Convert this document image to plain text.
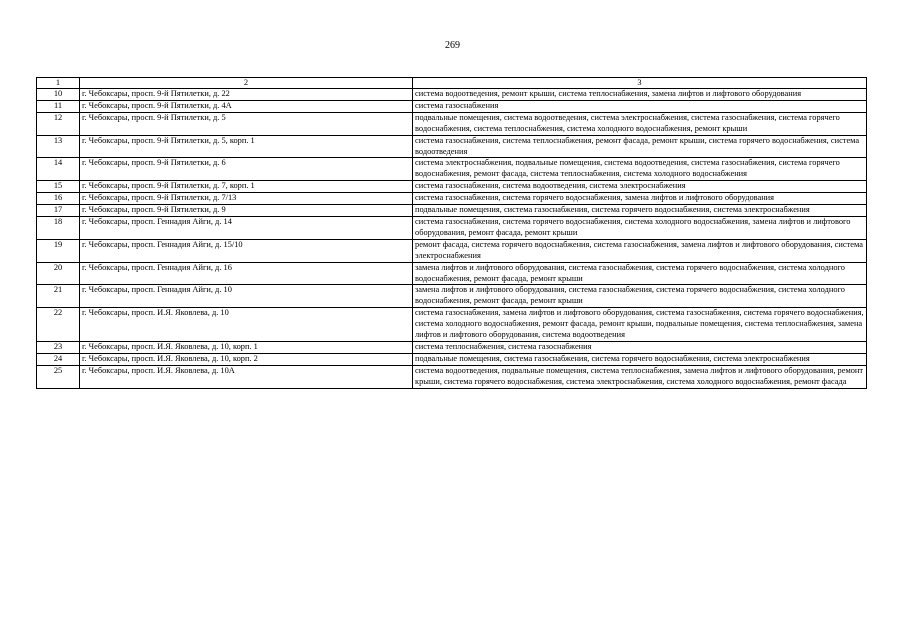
269
1	2	3
10	г. Чебоксары, просп. 9-й Пятилетки, д. 22	система водоотведения, ремонт крыши, система теплоснабжения, замена лифтов и лифтового оборудования
11	г. Чебоксары, просп. 9-й Пятилетки, д. 4А	система газоснабжения
12	г. Чебоксары, просп. 9-й Пятилетки, д. 5	подвальные помещения, система водоотведения, система электроснабжения, система газоснабжения, система горячего водоснабжения, система теплоснабжения, система холодного водоснабжения, ремонт крыши
13	г. Чебоксары, просп. 9-й Пятилетки, д. 5, корп. 1	система газоснабжения, система теплоснабжения, ремонт фасада, ремонт крыши, система горячего водоснабжения, система водоотведения
14	г. Чебоксары, просп. 9-й Пятилетки, д. 6	система электроснабжения, подвальные помещения, система водоотведения, система газоснабжения, система горячего водоснабжения, ремонт фасада, система теплоснабжения, система холодного водоснабжения
15	г. Чебоксары, просп. 9-й Пятилетки, д. 7, корп. 1	система газоснабжения, система водоотведения, система электроснабжения
16	г. Чебоксары, просп. 9-й Пятилетки, д. 7/13	система газоснабжения, система горячего водоснабжения, замена лифтов и лифтового оборудования
17	г. Чебоксары, просп. 9-й Пятилетки, д. 9	подвальные помещения, система газоснабжения, система горячего водоснабжения, система электроснабжения
18	г. Чебоксары, просп. Геннадия Айги, д. 14	система газоснабжения, система горячего водоснабжения, система холодного водоснабжения, замена лифтов и лифтового оборудования, ремонт фасада, ремонт крыши
19	г. Чебоксары, просп. Геннадия Айги, д. 15/10	ремонт фасада, система горячего водоснабжения, система газоснабжения, замена лифтов и лифтового оборудования, система электроснабжения
20	г. Чебоксары, просп. Геннадия Айги, д. 16	замена лифтов и лифтового оборудования, система газоснабжения, система горячего водоснабжения, система холодного водоснабжения, ремонт фасада, ремонт крыши
21	г. Чебоксары, просп. Геннадия Айги, д. 10	замена лифтов и лифтового оборудования, система газоснабжения, система горячего водоснабжения, система холодного водоснабжения, ремонт фасада, ремонт крыши
22	г. Чебоксары, просп. И.Я. Яковлева, д. 10	система газоснабжения, замена лифтов и лифтового оборудования, система газоснабжения, система горячего водоснабжения, система холодного водоснабжения, ремонт фасада, ремонт крыши, подвальные помещения, система теплоснабжения, замена лифтов и лифтового оборудования, система водоотведения
23	г. Чебоксары, просп. И.Я. Яковлева, д. 10, корп. 1	система теплоснабжения, система газоснабжения
24	г. Чебоксары, просп. И.Я. Яковлева, д. 10, корп. 2	подвальные помещения, система газоснабжения, система горячего водоснабжения, система электроснабжения
25	г. Чебоксары, просп. И.Я. Яковлева, д. 10А	система водоотведения, подвальные помещения, система теплоснабжения, замена лифтов и лифтового оборудования, ремонт крыши, система горячего водоснабжения, система электроснабжения, система холодного водоснабжения, ремонт фасада
